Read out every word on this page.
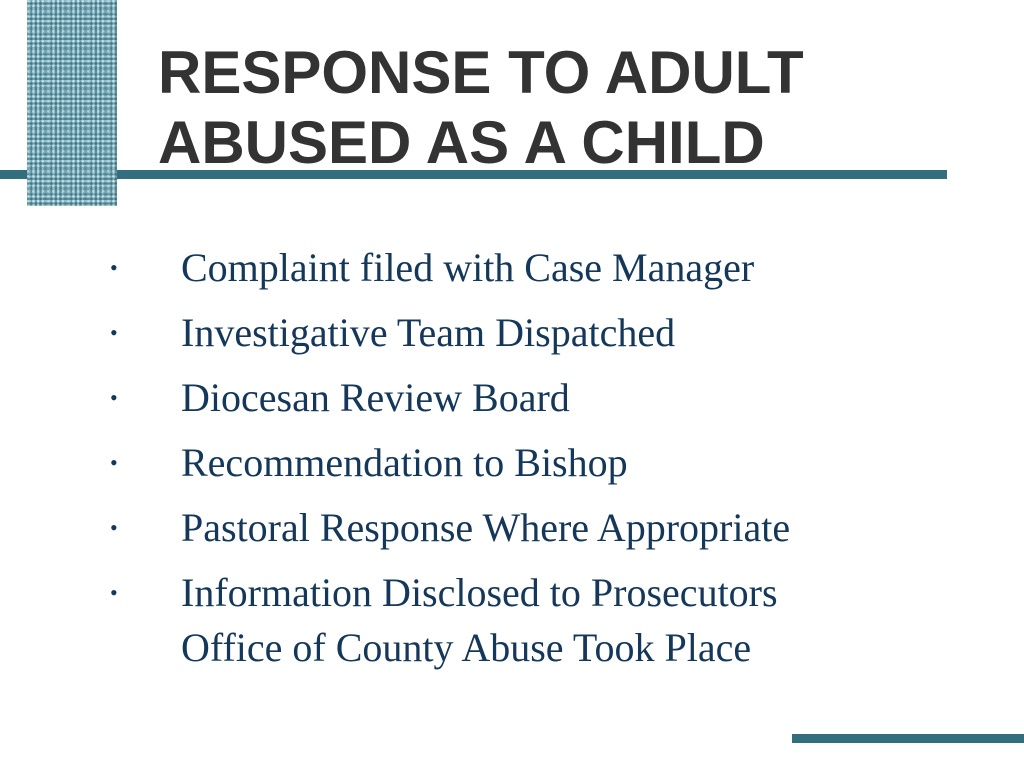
RESPONSE TO ADULT
ABUSED AS A CHILD
•	Complaint filed with Case Manager
•	Investigative Team Dispatched
•	Diocesan Review Board
•	Recommendation to Bishop
•	Pastoral Response Where Appropriate
•	Information Disclosed to Prosecutors
Office of County Abuse Took Place
